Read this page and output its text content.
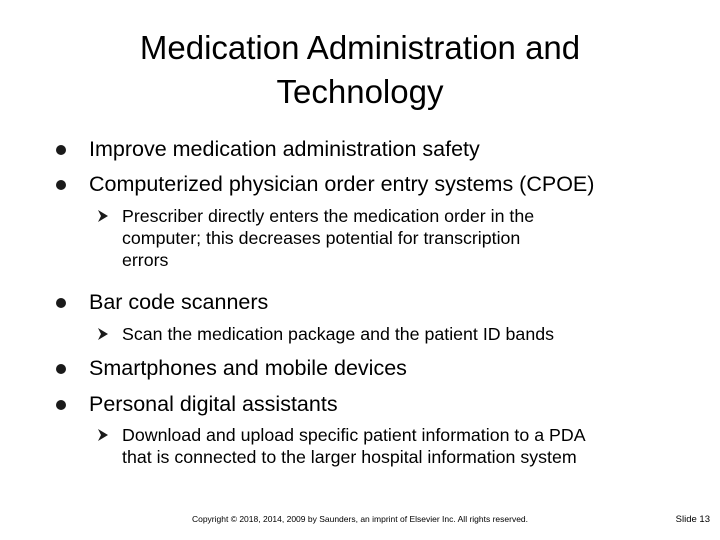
Medication Administration and
Technology
Improve medication administration safety
Computerized physician order entry systems (CPOE)
Prescriber directly enters the medication order in the
computer; this decreases potential for transcription
errors
Bar code scanners
Scan the medication package and the patient ID bands
Smartphones and mobile devices
Personal digital assistants
Download and upload specific patient information to a PDA
that is connected to the larger hospital information system
Copyright © 2018, 2014, 2009 by Saunders, an imprint of Elsevier Inc. All rights reserved.	Slide 13
